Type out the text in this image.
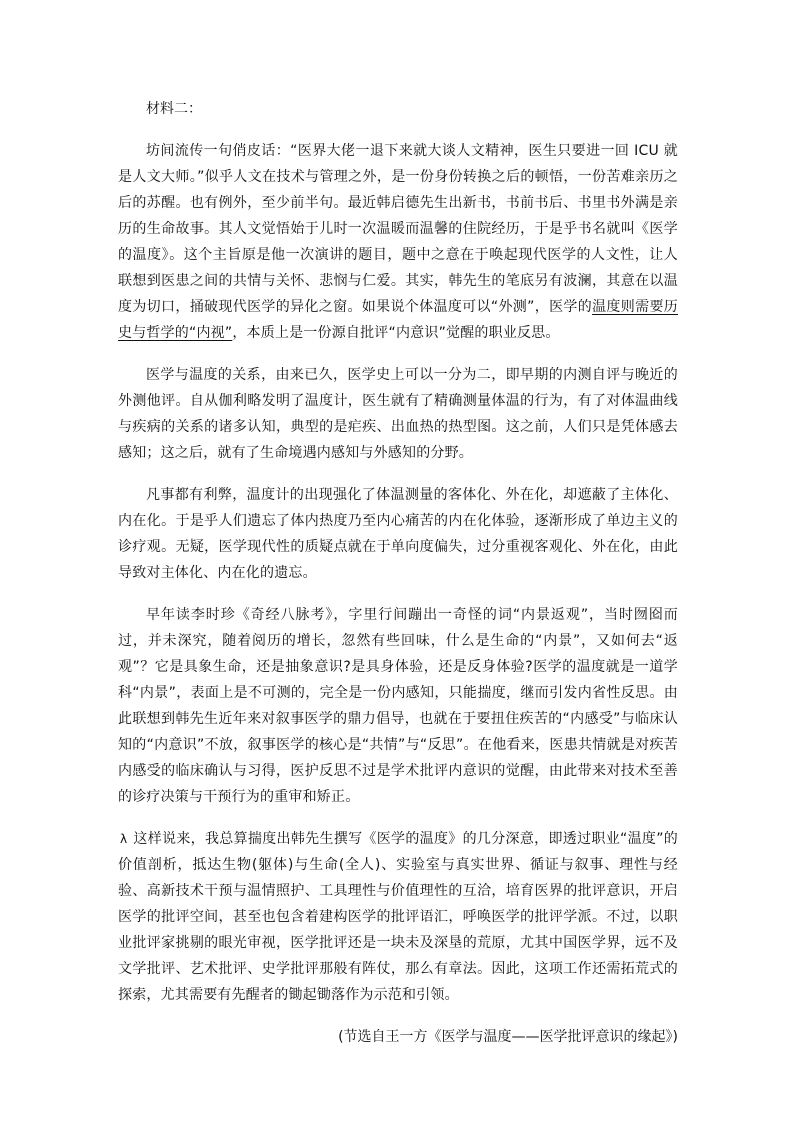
材料二：

坊间流传一句俏皮话：“医界大佬一退下来就大谈人文精神，医生只要进一回 ICU 就是人文大师。”似乎人文在技术与管理之外，是一份身份转换之后的顿悟，一份苦难亲历之后的苏醒。也有例外，至少前半句。最近韩启德先生出新书，书前书后、书里书外满是亲历的生命故事。其人文觉悟始于儿时一次温暖而温馨的住院经历，于是乎书名就叫《医学的温度》。这个主旨原是他一次演讲的题目，题中之意在于唤起现代医学的人文性，让人联想到医患之间的共情与关怀、悲悯与仁爱。其实，韩先生的笔底另有波澜，其意在以温度为切口，捅破现代医学的异化之窗。如果说个体温度可以“外测”，医学的温度则需要历史与哲学的“内视”，本质上是一份源自批评“内意识”觉醒的职业反思。

医学与温度的关系，由来已久，医学史上可以一分为二，即早期的内测自评与晚近的外测他评。自从伽利略发明了温度计，医生就有了精确测量体温的行为，有了对体温曲线与疾病的关系的诸多认知，典型的是疟疾、出血热的热型图。这之前，人们只是凭体感去感知；这之后，就有了生命境遇内感知与外感知的分野。

凡事都有利弊，温度计的出现强化了体温测量的客体化、外在化，却遮蔽了主体化、内在化。于是乎人们遗忘了体内热度乃至内心痛苦的内在化体验，逐渐形成了单边主义的诊疗观。无疑，医学现代性的质疑点就在于单向度偏失，过分重视客观化、外在化，由此导致对主体化、内在化的遗忘。

早年读李时珍《奇经八脉考》，字里行间蹦出一奇怪的词“内景返观”，当时囫囵而过，并未深究，随着阅历的增长，忽然有些回味，什么是生命的“内景”，又如何去“返观”？它是具象生命，还是抽象意识?是具身体验，还是反身体验?医学的温度就是一道学科“内景”，表面上是不可测的，完全是一份内感知，只能揣度，继而引发内省性反思。由此联想到韩先生近年来对叙事医学的鼎力倡导，也就在于要扭住疾苦的“内感受”与临床认知的“内意识”不放，叙事医学的核心是“共情”与“反思”。在他看来，医患共情就是对疾苦内感受的临床确认与习得，医护反思不过是学术批评内意识的觉醒，由此带来对技术至善的诊疗决策与干预行为的重审和矫正。

λ 这样说来，我总算揣度出韩先生撰写《医学的温度》的几分深意，即透过职业“温度”的价值剖析，抵达生物(躯体)与生命(全人)、实验室与真实世界、循证与叙事、理性与经验、高新技术干预与温情照护、工具理性与价值理性的互洽，培育医界的批评意识，开启医学的批评空间，甚至也包含着建构医学的批评语汇，呼唤医学的批评学派。不过，以职业批评家挑剔的眼光审视，医学批评还是一块未及深垦的荒原，尤其中国医学界，远不及文学批评、艺术批评、史学批评那般有阵仗，那么有章法。因此，这项工作还需拓荒式的探索，尤其需要有先醒者的锄起锄落作为示范和引领。

(节选自王一方《医学与温度——医学批评意识的缘起》)
